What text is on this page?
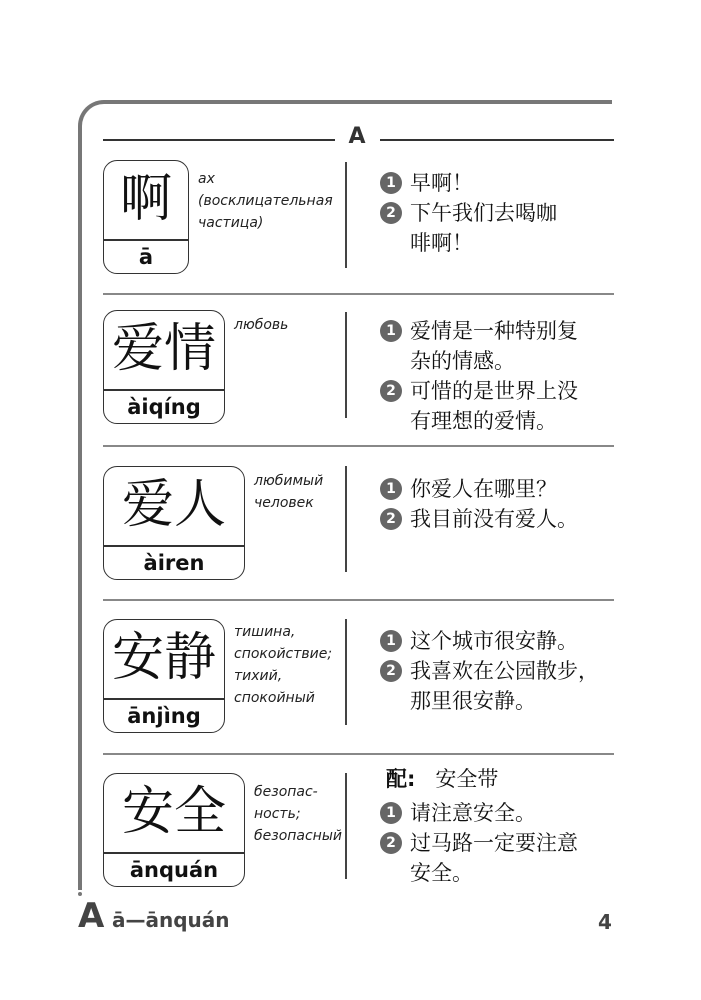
A
啊
ā
ах
(восклицательная
частица)
1 早啊！
2 下午我们去喝咖
啡啊！
爱情
àiqíng
любовь	1 爱情是一种特别复
杂的情感。
2 可惜的是世界上没
有理想的爱情。
爱人
àiren
любимый
человек
1 你爱人在哪里？
2 我目前没有爱人。
安静
ānjìng
тишина,
спокойствие;
тихий,
спокойный
1 这个城市很安静。
2 我喜欢在公园散步，
那里很安静。
安全
ānquán
безопас-
ность;
безопасный
配: 安全带
1 请注意安全。
2 过马路一定要注意
安全。
A ā—ānquán	4
